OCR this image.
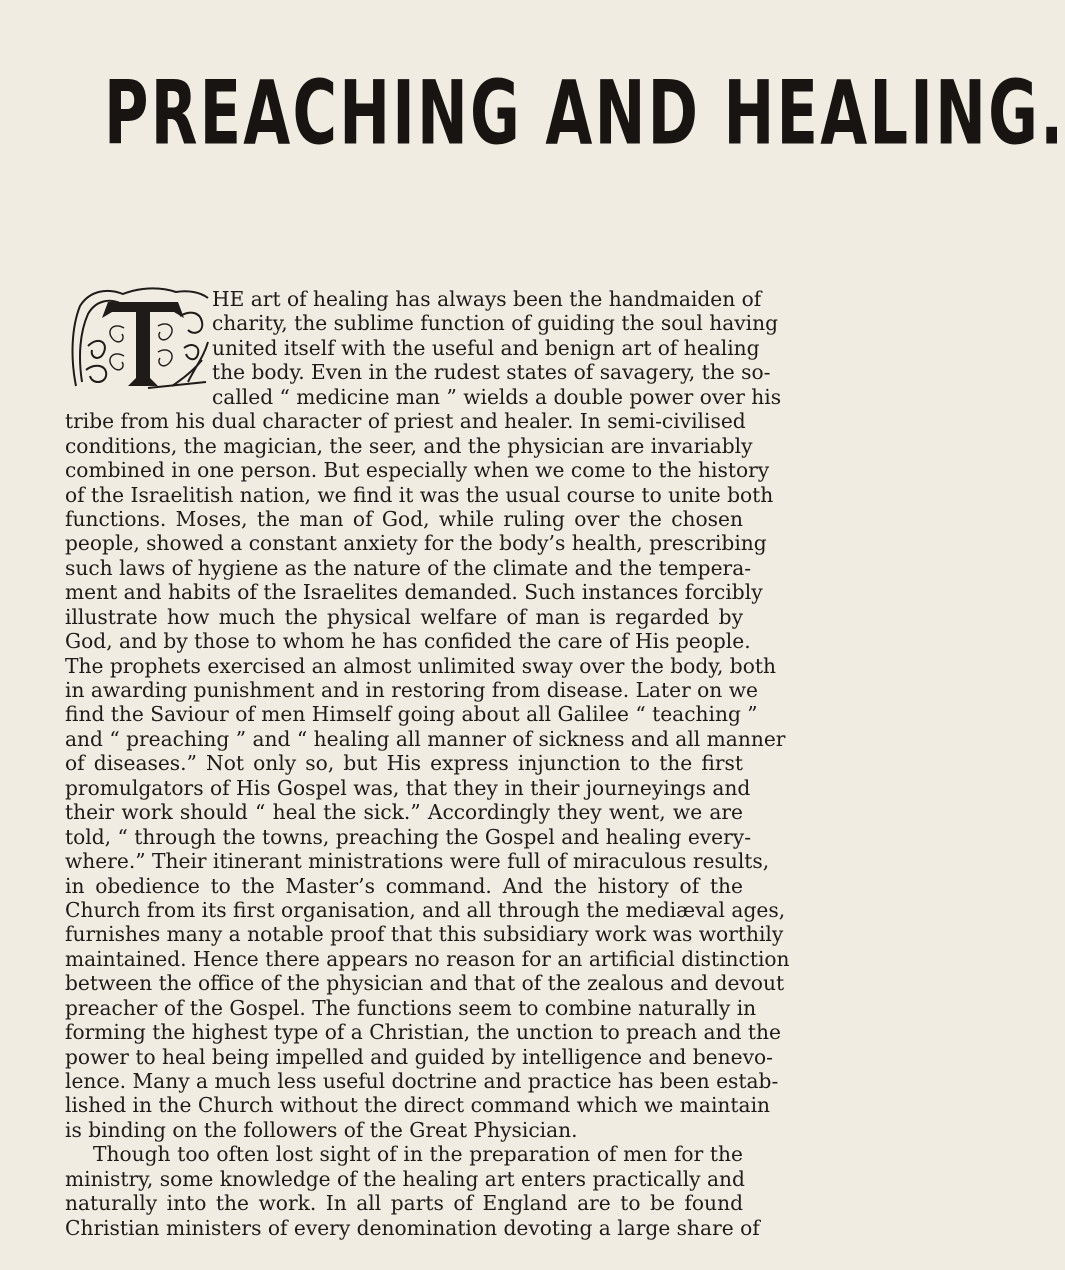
PREACHING AND HEALING.
HE art of healing has always been the handmaiden of
charity, the sublime function of guiding the soul having
united itself with the useful and benign art of healing
the body. Even in the rudest states of savagery, the so-
called “ medicine man ” wields a double power over his
tribe from his dual character of priest and healer. In semi-civilised
conditions, the magician, the seer, and the physician are invariably
combined in one person. But especially when we come to the history
of the Israelitish nation, we find it was the usual course to unite both
functions. Moses, the man of God, while ruling over the chosen
people, showed a constant anxiety for the body’s health, prescribing
such laws of hygiene as the nature of the climate and the tempera-
ment and habits of the Israelites demanded. Such instances forcibly
illustrate how much the physical welfare of man is regarded by
God, and by those to whom he has confided the care of His people.
The prophets exercised an almost unlimited sway over the body, both
in awarding punishment and in restoring from disease. Later on we
find the Saviour of men Himself going about all Galilee “ teaching ”
and “ preaching ” and “ healing all manner of sickness and all manner
of diseases.” Not only so, but His express injunction to the first
promulgators of His Gospel was, that they in their journeyings and
their work should “ heal the sick.” Accordingly they went, we are
told, “ through the towns, preaching the Gospel and healing every-
where.” Their itinerant ministrations were full of miraculous results,
in obedience to the Master’s command. And the history of the
Church from its first organisation, and all through the mediæval ages,
furnishes many a notable proof that this subsidiary work was worthily
maintained. Hence there appears no reason for an artificial distinction
between the office of the physician and that of the zealous and devout
preacher of the Gospel. The functions seem to combine naturally in
forming the highest type of a Christian, the unction to preach and the
power to heal being impelled and guided by intelligence and benevo-
lence. Many a much less useful doctrine and practice has been estab-
lished in the Church without the direct command which we maintain
is binding on the followers of the Great Physician.
Though too often lost sight of in the preparation of men for the
ministry, some knowledge of the healing art enters practically and
naturally into the work. In all parts of England are to be found
Christian ministers of every denomination devoting a large share of
